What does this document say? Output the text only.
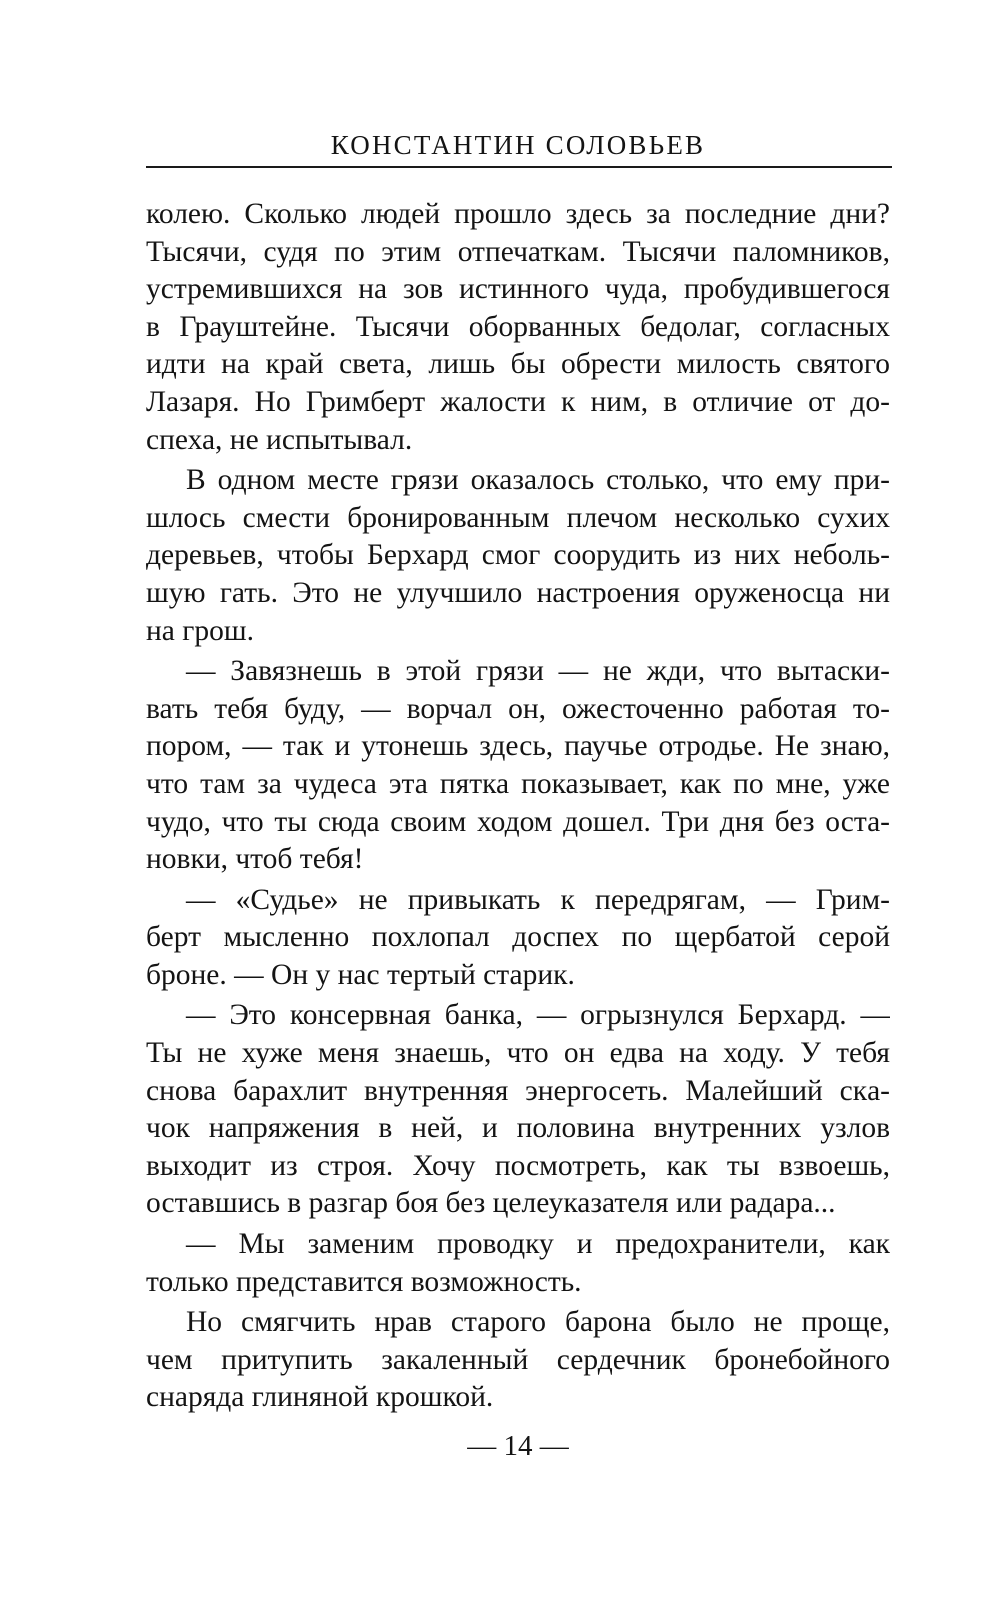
КОНСТАНТИН СОЛОВЬЕВ
колею. Сколько людей прошло здесь за последние дни?
Тысячи, судя по этим отпечаткам. Тысячи паломников,
устремившихся на зов истинного чуда, пробудившегося
в Грауштейне. Тысячи оборванных бедолаг, согласных
идти на край света, лишь бы обрести милость святого
Лазаря. Но Гримберт жалости к ним, в отличие от до-
спеха, не испытывал.
В одном месте грязи оказалось столько, что ему при-
шлось смести бронированным плечом несколько сухих
деревьев, чтобы Берхард смог соорудить из них неболь-
шую гать. Это не улучшило настроения оруженосца ни
на грош.
— Завязнешь в этой грязи — не жди, что вытаски-
вать тебя буду, — ворчал он, ожесточенно работая то-
пором, — так и утонешь здесь, паучье отродье. Не знаю,
что там за чудеса эта пятка показывает, как по мне, уже
чудо, что ты сюда своим ходом дошел. Три дня без оста-
новки, чтоб тебя!
— «Судье» не привыкать к передрягам, — Грим-
берт мысленно похлопал доспех по щербатой серой
броне. — Он у нас тертый старик.
— Это консервная банка, — огрызнулся Берхард. —
Ты не хуже меня знаешь, что он едва на ходу. У тебя
снова барахлит внутренняя энергосеть. Малейший скa-
чок напряжения в ней, и половина внутренних узлов
выходит из строя. Хочу посмотреть, как ты взвоешь,
оставшись в разгар боя без целеуказателя или радара...
— Мы заменим проводку и предохранители, как
только представится возможность.
Но смягчить нрав старого барона было не проще,
чем притупить закаленный сердечник бронебойного
снаряда глиняной крошкой.
— 14 —
